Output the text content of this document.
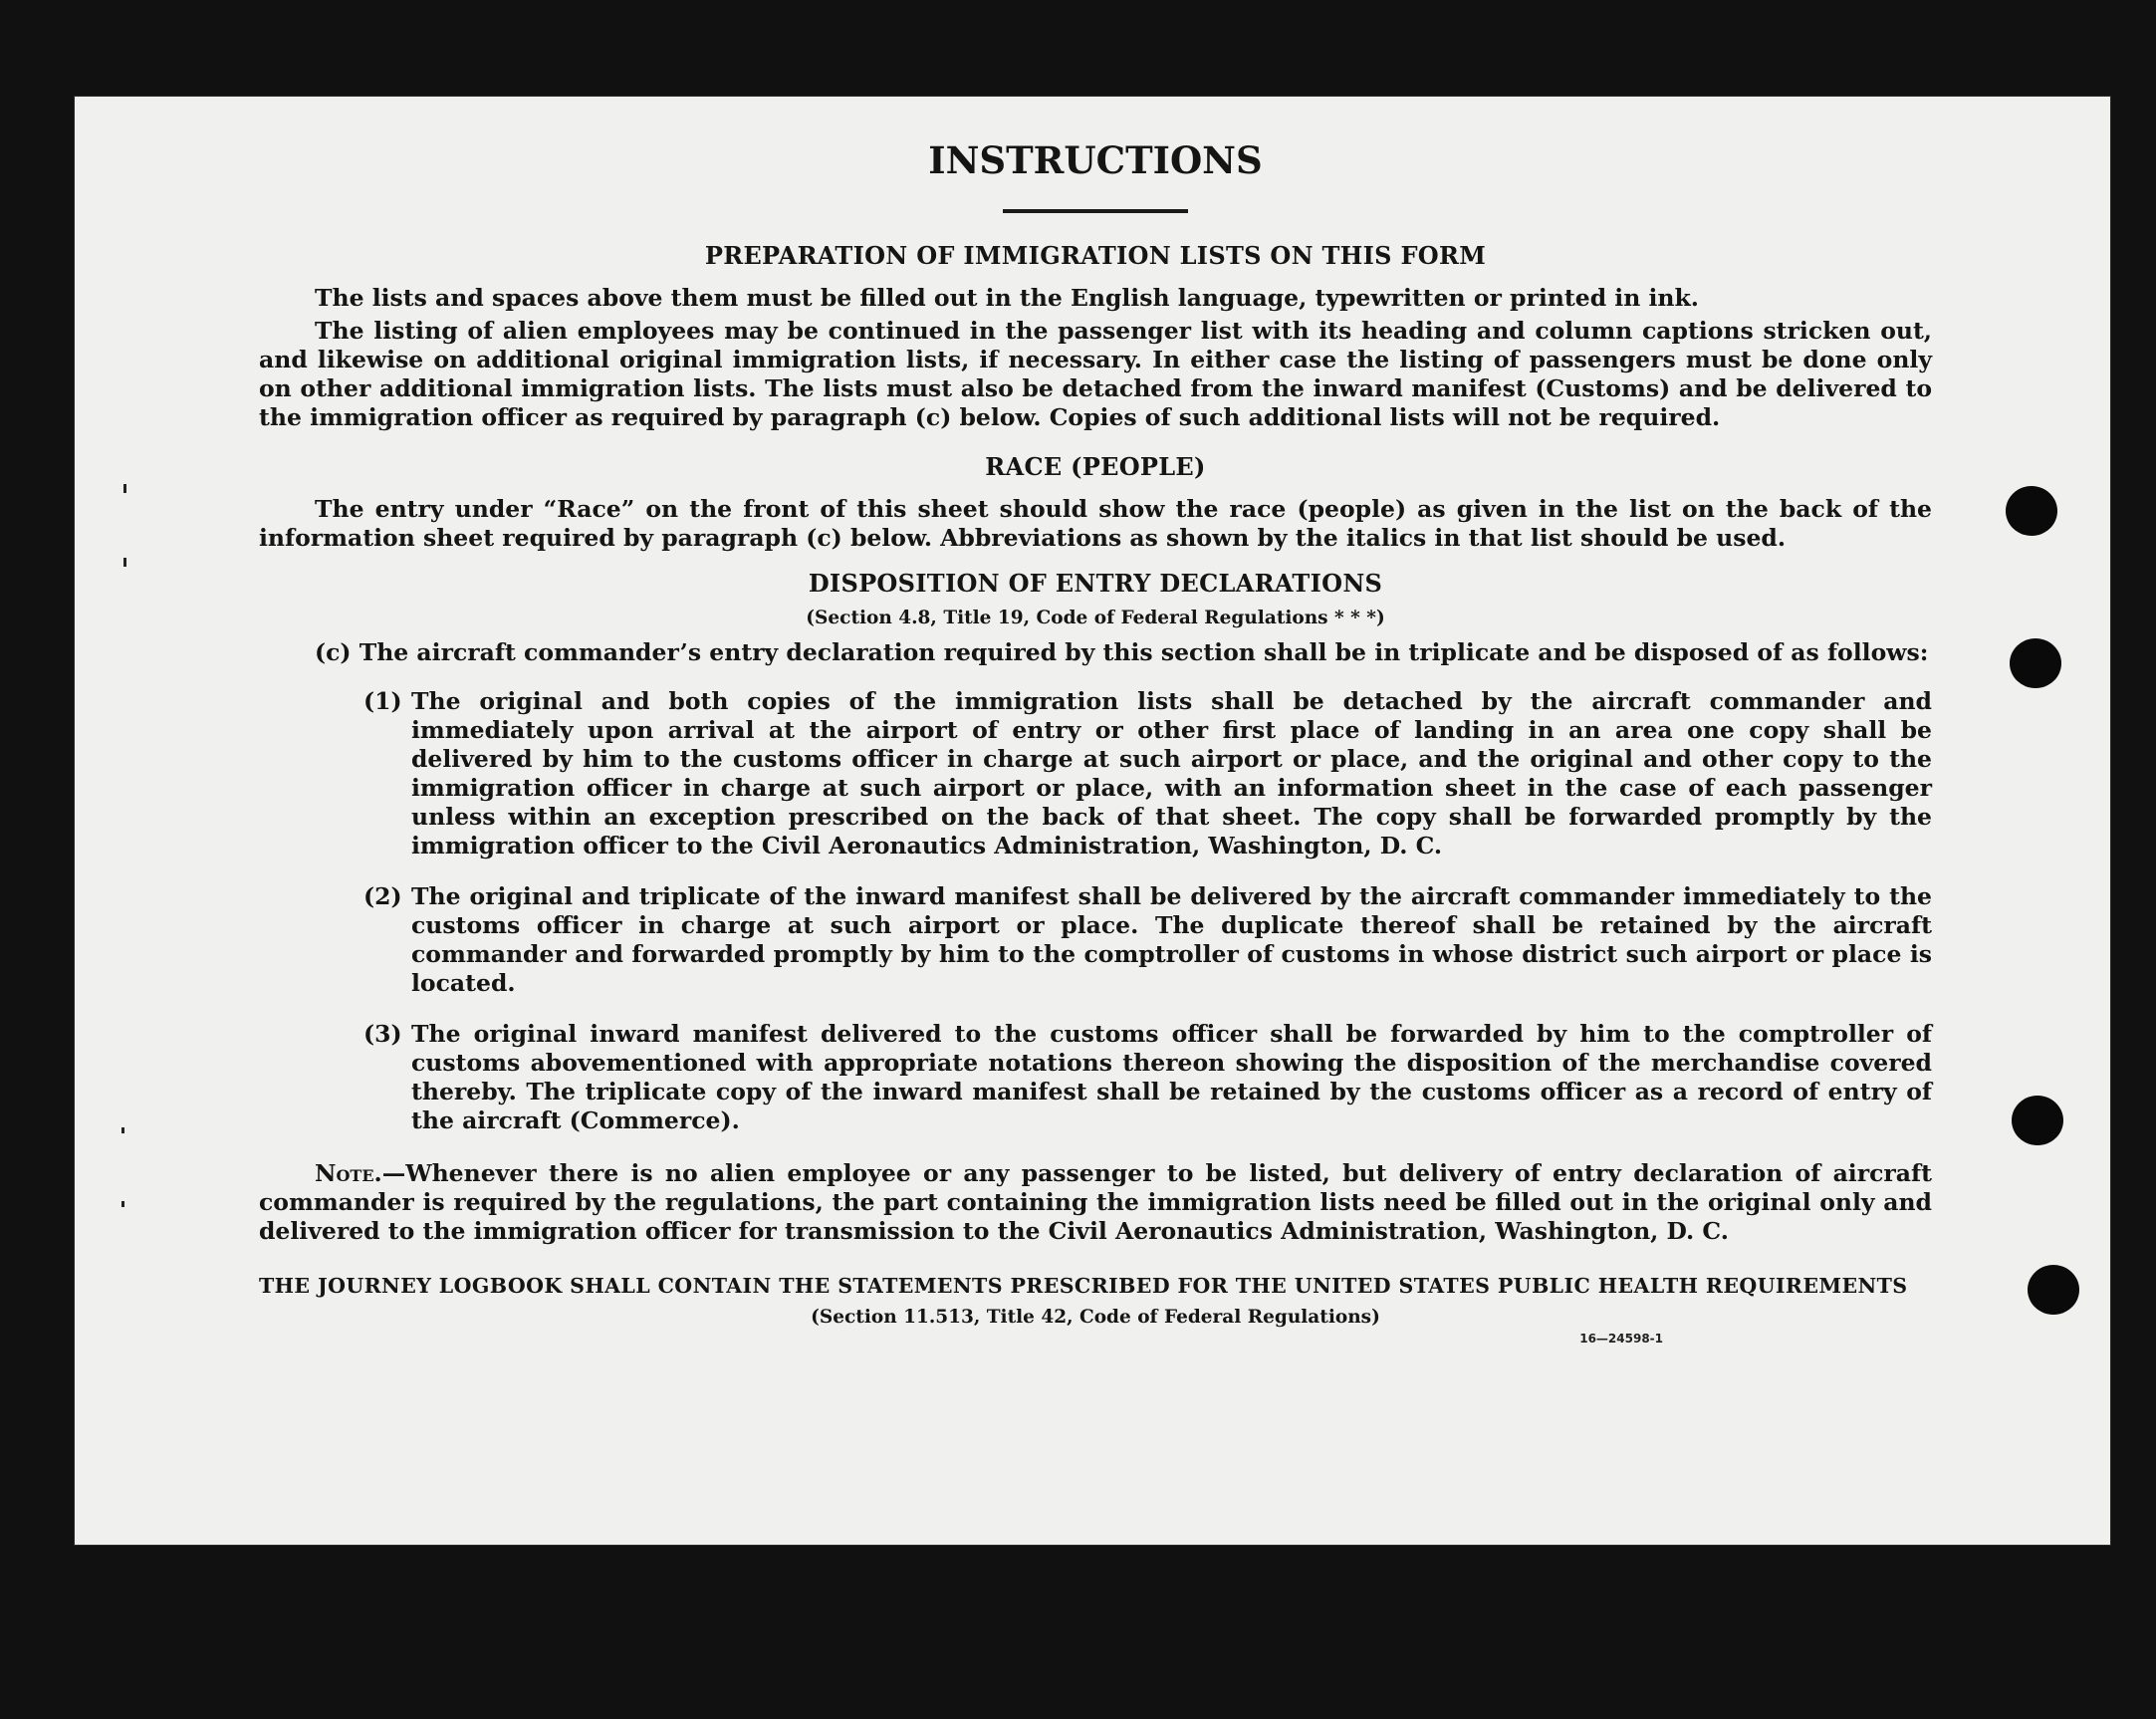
INSTRUCTIONS
PREPARATION OF IMMIGRATION LISTS ON THIS FORM

The lists and spaces above them must be filled out in the English language, typewritten or printed in ink.

The listing of alien employees may be continued in the passenger list with its heading and column captions stricken out, and likewise on additional original immigration lists, if necessary. In either case the listing of passengers must be done only on other additional immigration lists. The lists must also be detached from the inward manifest (Customs) and be delivered to the immigration officer as required by paragraph (c) below. Copies of such additional lists will not be required.

RACE (PEOPLE)

The entry under “Race” on the front of this sheet should show the race (people) as given in the list on the back of the information sheet required by paragraph (c) below. Abbreviations as shown by the italics in that list should be used.

DISPOSITION OF ENTRY DECLARATIONS
(Section 4.8, Title 19, Code of Federal Regulations * * *)

(c) The aircraft commander’s entry declaration required by this section shall be in triplicate and be disposed of as follows:

(1) The original and both copies of the immigration lists shall be detached by the aircraft commander and immediately upon arrival at the airport of entry or other first place of landing in an area one copy shall be delivered by him to the customs officer in charge at such airport or place, and the original and other copy to the immigration officer in charge at such airport or place, with an information sheet in the case of each passenger unless within an exception prescribed on the back of that sheet. The copy shall be forwarded promptly by the immigration officer to the Civil Aeronautics Administration, Washington, D. C.
(2) The original and triplicate of the inward manifest shall be delivered by the aircraft commander immediately to the customs officer in charge at such airport or place. The duplicate thereof shall be retained by the aircraft commander and forwarded promptly by him to the comptroller of customs in whose district such airport or place is located.
(3) The original inward manifest delivered to the customs officer shall be forwarded by him to the comptroller of customs abovementioned with appropriate notations thereon showing the disposition of the merchandise covered thereby. The triplicate copy of the inward manifest shall be retained by the customs officer as a record of entry of the aircraft (Commerce).

Note.—Whenever there is no alien employee or any passenger to be listed, but delivery of entry declaration of aircraft commander is required by the regulations, the part containing the immigration lists need be filled out in the original only and delivered to the immigration officer for transmission to the Civil Aeronautics Administration, Washington, D. C.

THE JOURNEY LOGBOOK SHALL CONTAIN THE STATEMENTS PRESCRIBED FOR THE UNITED STATES PUBLIC HEALTH REQUIREMENTS
(Section 11.513, Title 42, Code of Federal Regulations)
16—24598-1
